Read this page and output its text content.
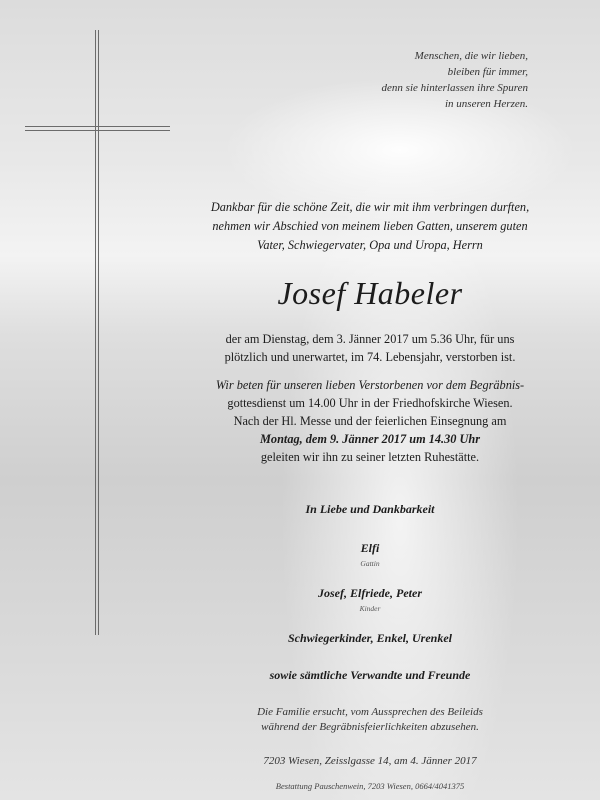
Menschen, die wir lieben,
bleiben für immer,
denn sie hinterlassen ihre Spuren
in unseren Herzen.
Dankbar für die schöne Zeit, die wir mit ihm verbringen durften,
nehmen wir Abschied von meinem lieben Gatten, unserem guten
Vater, Schwiegervater, Opa und Uropa, Herrn
Josef Habeler
der am Dienstag, dem 3. Jänner 2017 um 5.36 Uhr, für uns
plötzlich und unerwartet, im 74. Lebensjahr, verstorben ist.
Wir beten für unseren lieben Verstorbenen vor dem Begräbnis-
gottesdienst um 14.00 Uhr in der Friedhofskirche Wiesen.
Nach der Hl. Messe und der feierlichen Einsegnung am
Montag, dem 9. Jänner 2017 um 14.30 Uhr
geleiten wir ihn zu seiner letzten Ruhestätte.
In Liebe und Dankbarkeit
Elfi
Gattin
Josef, Elfriede, Peter
Kinder
Schwiegerkinder, Enkel, Urenkel
sowie sämtliche Verwandte und Freunde
Die Familie ersucht, vom Aussprechen des Beileids
während der Begräbnisfeierlichkeiten abzusehen.
7203 Wiesen, Zeisslgasse 14, am 4. Jänner 2017
Bestattung Pauschenwein, 7203 Wiesen, 0664/4041375
